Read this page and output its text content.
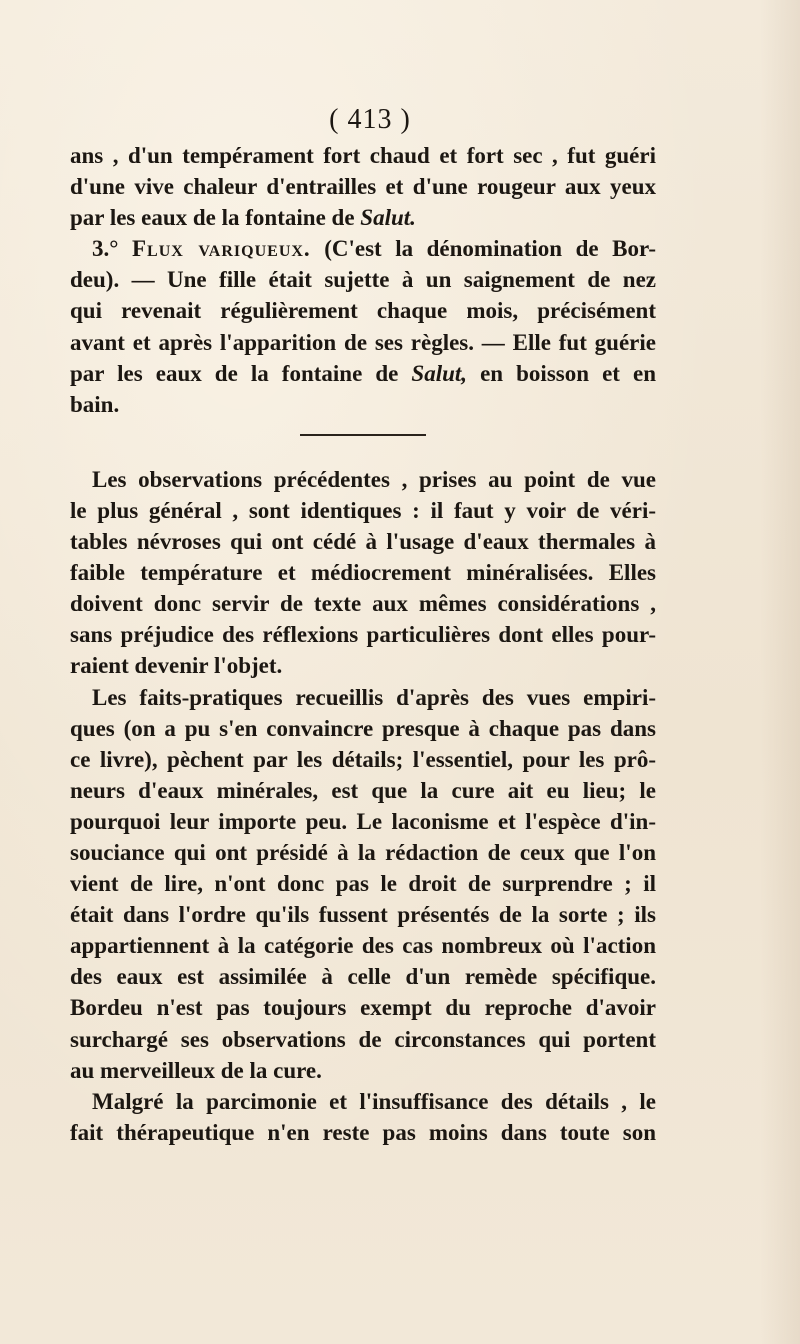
( 413 )
ans , d'un tempérament fort chaud et fort sec , fut guéri
d'une vive chaleur d'entrailles et d'une rougeur aux yeux
par les eaux de la fontaine de Salut.
3.° Flux variqueux. (C'est la dénomination de Bor-
deu). — Une fille était sujette à un saignement de nez
qui revenait régulièrement chaque mois, précisément
avant et après l'apparition de ses règles. — Elle fut guérie
par les eaux de la fontaine de Salut, en boisson et en
bain.
Les observations précédentes , prises au point de vue
le plus général , sont identiques : il faut y voir de véri-
tables névroses qui ont cédé à l'usage d'eaux thermales à
faible température et médiocrement minéralisées. Elles
doivent donc servir de texte aux mêmes considérations ,
sans préjudice des réflexions particulières dont elles pour-
raient devenir l'objet.
Les faits-pratiques recueillis d'après des vues empiri-
ques (on a pu s'en convaincre presque à chaque pas dans
ce livre), pèchent par les détails; l'essentiel, pour les prô-
neurs d'eaux minérales, est que la cure ait eu lieu; le
pourquoi leur importe peu. Le laconisme et l'espèce d'in-
souciance qui ont présidé à la rédaction de ceux que l'on
vient de lire, n'ont donc pas le droit de surprendre ; il
était dans l'ordre qu'ils fussent présentés de la sorte ; ils
appartiennent à la catégorie des cas nombreux où l'action
des eaux est assimilée à celle d'un remède spécifique.
Bordeu n'est pas toujours exempt du reproche d'avoir
surchargé ses observations de circonstances qui portent
au merveilleux de la cure.
Malgré la parcimonie et l'insuffisance des détails , le
fait thérapeutique n'en reste pas moins dans toute son
